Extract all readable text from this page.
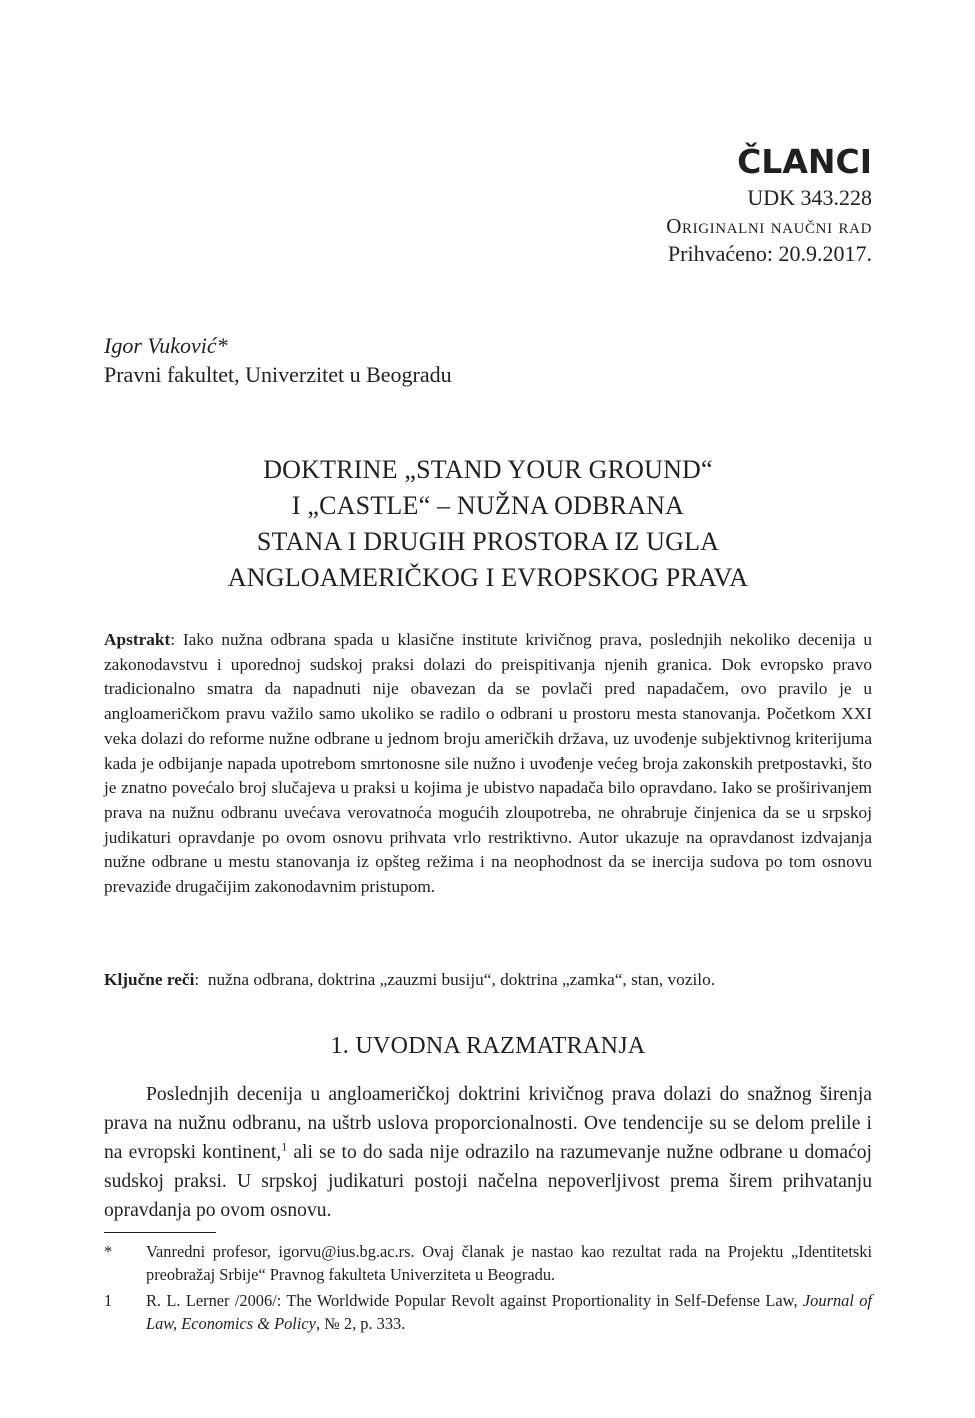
ČLANCI
UDK 343.228
Originalni naučni rad
Prihvaćeno: 20.9.2017.
Igor Vuković*
Pravni fakultet, Univerzitet u Beogradu
DOKTRINE „STAND YOUR GROUND“
I „CASTLE“ – NUŽNA ODBRANA
STANA I DRUGIH PROSTORA IZ UGLA
ANGLOAMERIČKOG I EVROPSKOG PRAVA
Apstrakt: Iako nužna odbrana spada u klasične institute krivičnog prava, poslednjih nekoliko decenija u zakonodavstvu i uporednoj sudskoj praksi dolazi do preispitivanja njenih granica. Dok evropsko pravo tradicionalno smatra da napadnuti nije obavezan da se povlači pred napadačem, ovo pravilo je u angloameričkom pravu važilo samo ukoliko se radilo o odbrani u prostoru mesta stanovanja. Početkom XXI veka dolazi do reforme nužne odbrane u jednom broju američkih država, uz uvođenje subjektivnog kriterijuma kada je odbijanje napada upotrebom smrtonosne sile nužno i uvođenje većeg broja zakonskih pretpostavki, što je znatno povećalo broj slučajeva u praksi u kojima je ubistvo napadača bilo opravdano. Iako se proširivanjem prava na nužnu odbranu uvećava verovatnoća mogućih zloupotreba, ne ohrabruje činjenica da se u srpskoj judikaturi opravdanje po ovom osnovu prihvata vrlo restriktivno. Autor ukazuje na opravdanost izdvajanja nužne odbrane u mestu stanovanja iz opšteg režima i na neophodnost da se inercija sudova po tom osnovu prevaziđe drugačijim zakonodavnim pristupom.
Ključne reči:  nužna odbrana, doktrina „zauzmi busiju“, doktrina „zamka“, stan, vozilo.
1. UVODNA RAZMATRANJA
Poslednjih decenija u angloameričkoj doktrini krivičnog prava dolazi do snažnog širenja prava na nužnu odbranu, na uštrb uslova proporcionalnosti. Ove tendencije su se delom prelile i na evropski kontinent,$^1$ ali se to do sada nije odrazilo na razumevanje nužne odbrane u domaćoj sudskoj praksi. U srpskoj judikaturi postoji načelna nepoverljivost prema širem prihvatanju opravdanja po ovom osnovu.
*	Vanredni profesor, igorvu@ius.bg.ac.rs. Ovaj članak je nastao kao rezultat rada na Projektu „Identitetski preobražaj Srbije“ Pravnog fakulteta Univerziteta u Beogradu.
1	R. L. Lerner /2006/: The Worldwide Popular Revolt against Proportionality in Self-Defense Law, Journal of Law, Economics & Policy, № 2, p. 333.
